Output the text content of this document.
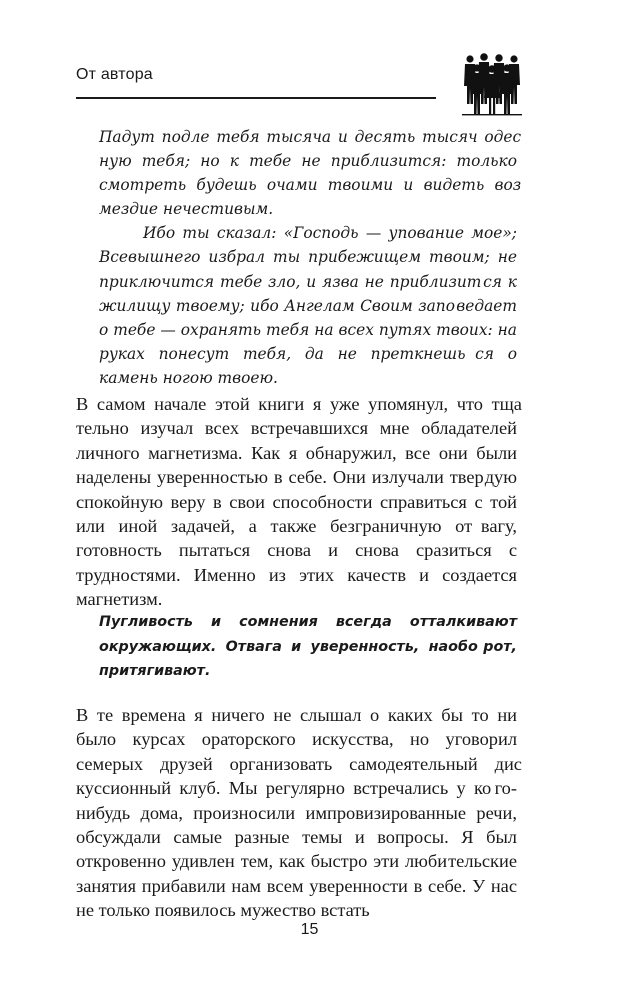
От автора

Падут подле тебя тысяча и десять тысяч одес ную тебя; но к тебе не приблизится: только смотреть будешь очами твоими и видеть воз мездие нечестивым.

Ибо ты сказал: «Господь — упование мое»; Всевышнего избрал ты прибежищем твоим; не приключится тебе зло, и язва не приблизит ся к жилищу твоему; ибо Ангелам Своим запо ведает о тебе — охранять тебя на всех путях твоих: на руках понесут тебя, да не преткнешь ся о камень ногою твоею.

В самом начале этой книги я уже упомянул, что тща тельно изучал всех встречавшихся мне обладателей личного магнетизма. Как я обнаружил, все они были наделены уверенностью в себе. Они излучали твер дую спокойную веру в свои способности справиться с той или иной задачей, а также безграничную от вагу, готовность пытаться снова и снова сразиться с трудностями. Именно из этих качеств и создается магнетизм.

Пугливость и сомнения всегда отталкивают окружающих. Отвага и уверенность, наобо рот, притягивают.

В те времена я ничего не слышал о каких бы то ни было курсах ораторского искусства, но уговорил семерых друзей организовать самодеятельный дис куссионный клуб. Мы регулярно встречались у ко го-нибудь дома, произносили импровизированные речи, обсуждали самые разные темы и вопросы. Я был откровенно удивлен тем, как быстро эти люби тельские занятия прибавили нам всем уверенности в себе. У нас не только появилось мужество встать

15
